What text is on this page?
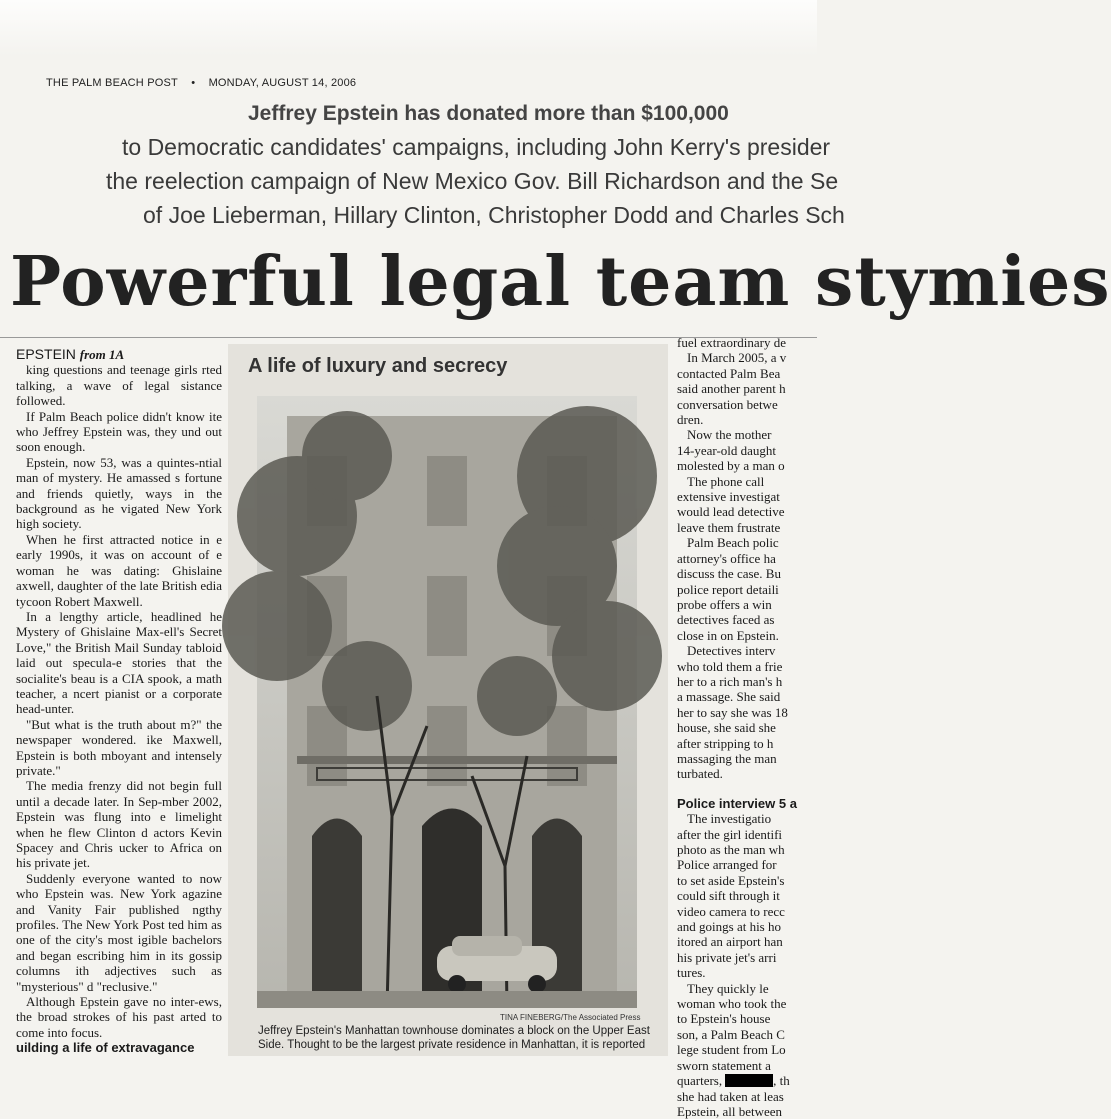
THE PALM BEACH POST • MONDAY, AUGUST 14, 2006
Jeffrey Epstein has donated more than $100,000
to Democratic candidates' campaigns, including John Kerry's presider
the reelection campaign of New Mexico Gov. Bill Richardson and the Se
of Joe Lieberman, Hillary Clinton, Christopher Dodd and Charles Sch
Powerful legal team stymies

EPSTEIN from 1A

king questions and teenage girls rted talking, a wave of legal sistance followed.

If Palm Beach police didn't know ite who Jeffrey Epstein was, they und out soon enough.

Epstein, now 53, was a quintes-ntial man of mystery. He amassed s fortune and friends quietly, ways in the background as he vigated New York high society.

When he first attracted notice in e early 1990s, it was on account of e woman he was dating: Ghislaine axwell, daughter of the late British edia tycoon Robert Maxwell.

In a lengthy article, headlined he Mystery of Ghislaine Max-ell's Secret Love," the British Mail Sunday tabloid laid out specula-e stories that the socialite's beau is a CIA spook, a math teacher, a ncert pianist or a corporate head-unter.

"But what is the truth about m?" the newspaper wondered. ike Maxwell, Epstein is both mboyant and intensely private."

The media frenzy did not begin full until a decade later. In Sep-mber 2002, Epstein was flung into e limelight when he flew Clinton d actors Kevin Spacey and Chris ucker to Africa on his private jet.

Suddenly everyone wanted to now who Epstein was. New York agazine and Vanity Fair published ngthy profiles. The New York Post ted him as one of the city's most igible bachelors and began escribing him in its gossip columns ith adjectives such as "mysterious" d "reclusive."

Although Epstein gave no inter-ews, the broad strokes of his past arted to come into focus.

uilding a life of extravagance

A life of luxury and secrecy
TINA FINEBERG/The Associated Press
Jeffrey Epstein's Manhattan townhouse dominates a block on the Upper East Side. Thought to be the largest private residence in Manhattan, it is reported

fuel extraordinary de

In March 2005, a v

contacted Palm Bea

said another parent h

conversation betwe

dren.

Now the mother

14-year-old daught

molested by a man o

The phone call

extensive investigat

would lead detective

leave them frustrate

Palm Beach polic

attorney's office ha

discuss the case. Bu

police report detaili

probe offers a win

detectives faced as

close in on Epstein.

Detectives interv

who told them a frie

her to a rich man's h

a massage. She said

her to say she was 18

house, she said she

after stripping to h

massaging the man

turbated.

Police interview 5 a

The investigatio

after the girl identifi

photo as the man wh

Police arranged for

to set aside Epstein's

could sift through it

video camera to recc

and goings at his ho

itored an airport han

his private jet's arri

tures.

They quickly le

woman who took the

to Epstein's house

son, a Palm Beach C

lege student from Lo

sworn statement a

quarters,	, th

she had taken at leas

Epstein, all between
